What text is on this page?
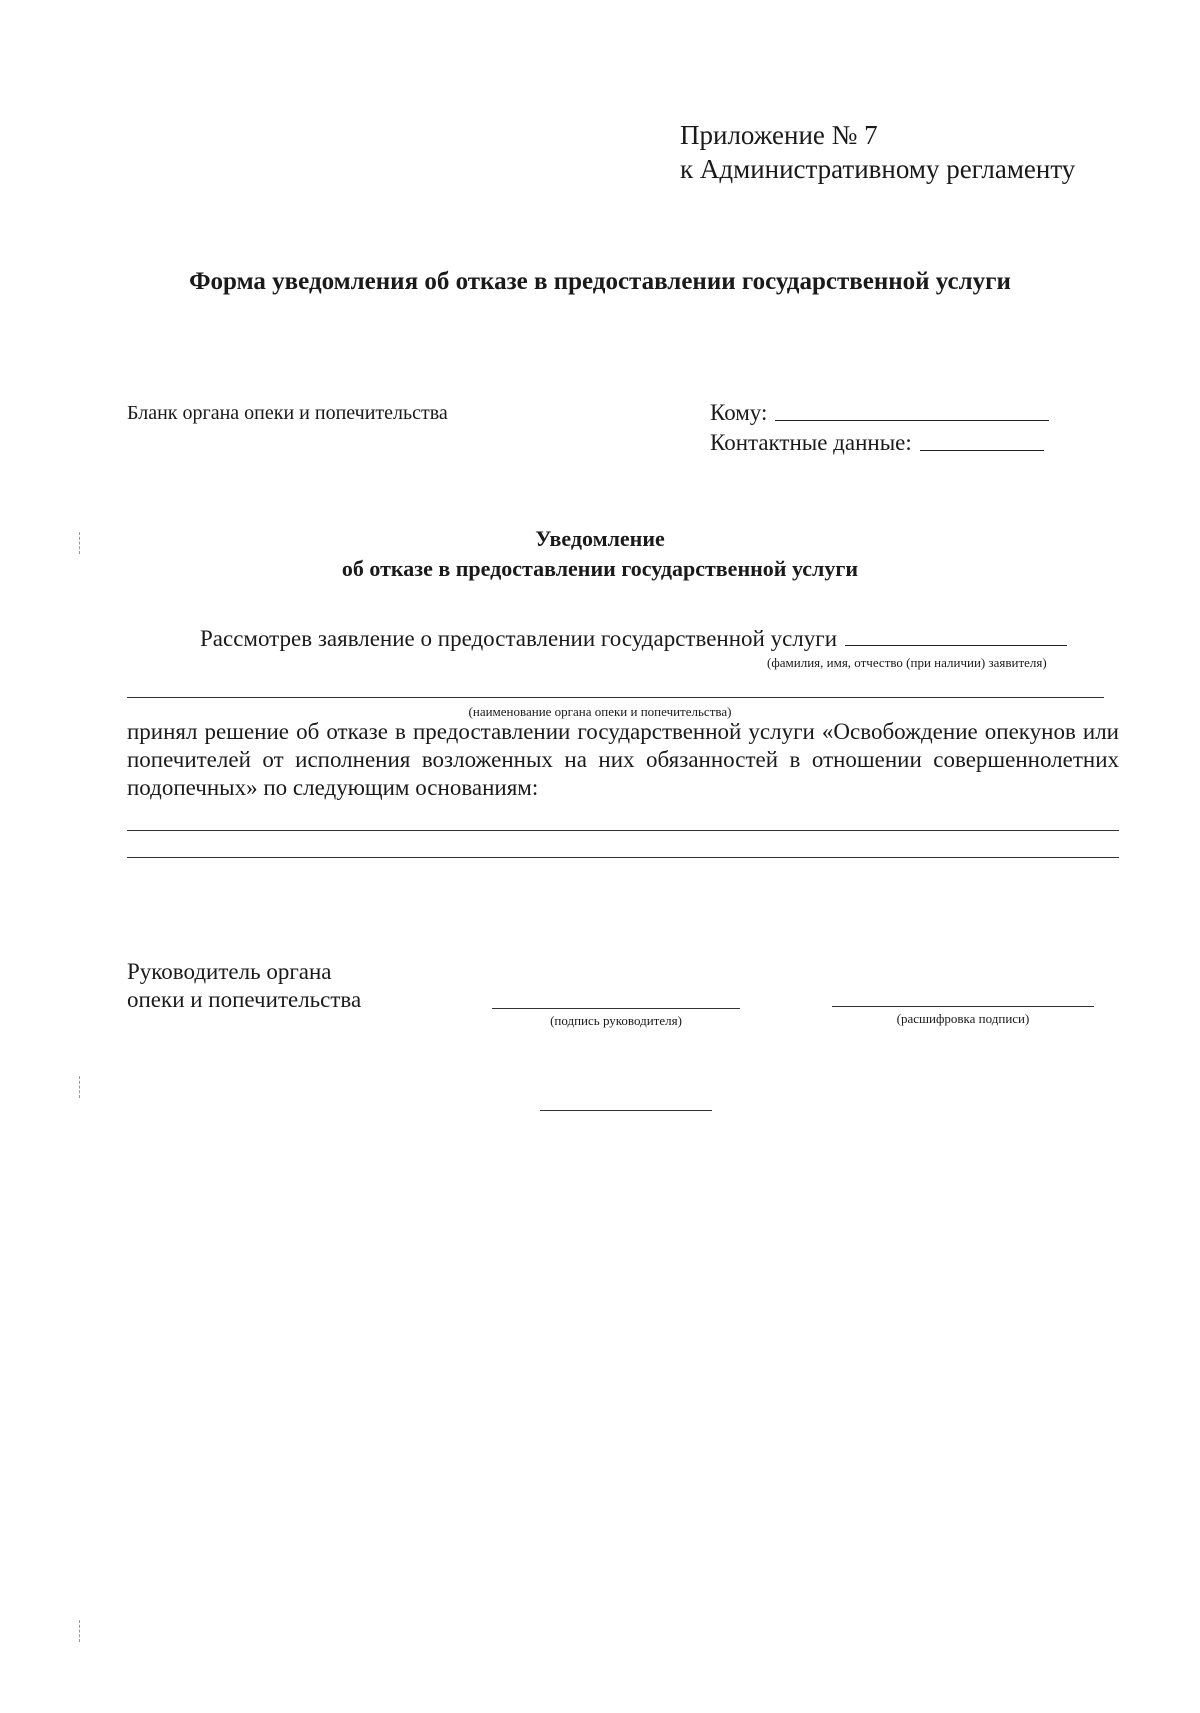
Приложение № 7
к Административному регламенту
Форма уведомления об отказе в предоставлении государственной услуги
Бланк органа опеки и попечительства	Кому:
Контактные данные:
Уведомление
об отказе в предоставлении государственной услуги
Рассмотрев заявление о предоставлении государственной услуги
(фамилия, имя, отчество (при наличии) заявителя)
(наименование органа опеки и попечительства)
принял решение об отказе в предоставлении государственной услуги «Освобождение опекунов или попечителей от исполнения возложенных на них обязанностей в отношении совершеннолетних подопечных» по следующим основаниям:
Руководитель органа
опеки и попечительства
(подпись руководителя)	(расшифровка подписи)
